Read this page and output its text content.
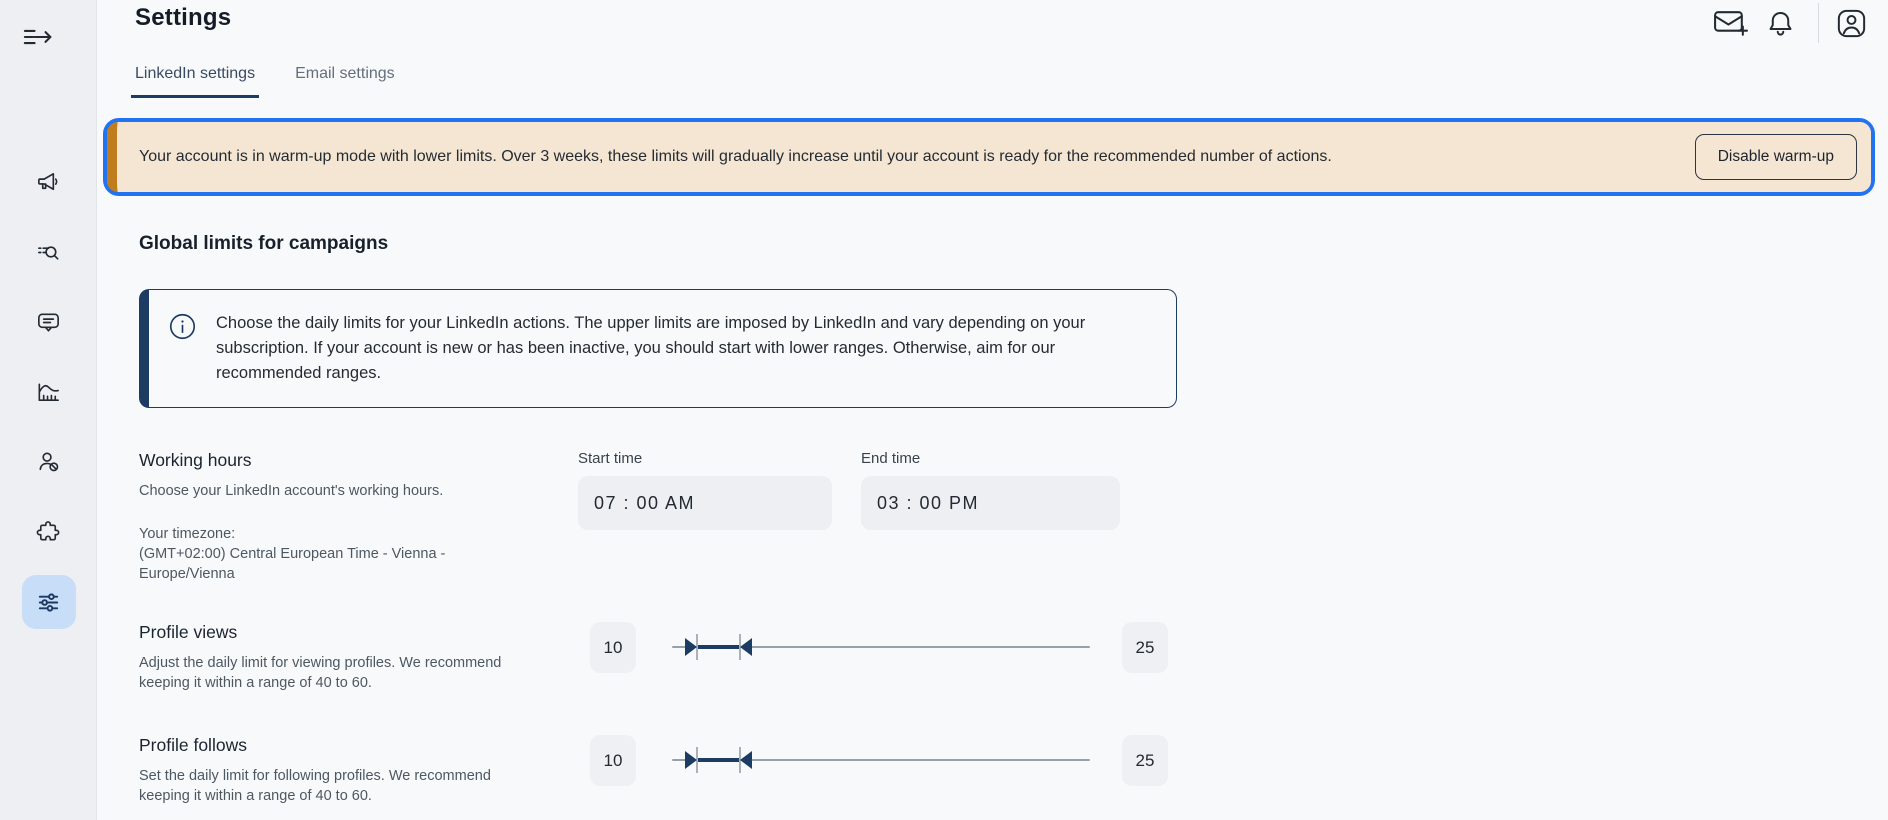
Settings
LinkedIn settings	Email settings
Your account is in warm-up mode with lower limits. Over 3 weeks, these limits will gradually increase until your account is ready for the recommended number of actions.	Disable warm-up
Global limits for campaigns
Choose the daily limits for your LinkedIn actions. The upper limits are imposed by LinkedIn and vary depending on your subscription. If your account is new or has been inactive, you should start with lower ranges. Otherwise, aim for our recommended ranges.
Working hours
Choose your LinkedIn account's working hours.
Your timezone:
(GMT+02:00) Central European Time - Vienna - Europe/Vienna
Start time
07 : 00 AM
End time
03 : 00 PM
Profile views
Adjust the daily limit for viewing profiles. We recommend keeping it within a range of 40 to 60.
10	25
Profile follows
Set the daily limit for following profiles. We recommend keeping it within a range of 40 to 60.
10	25
